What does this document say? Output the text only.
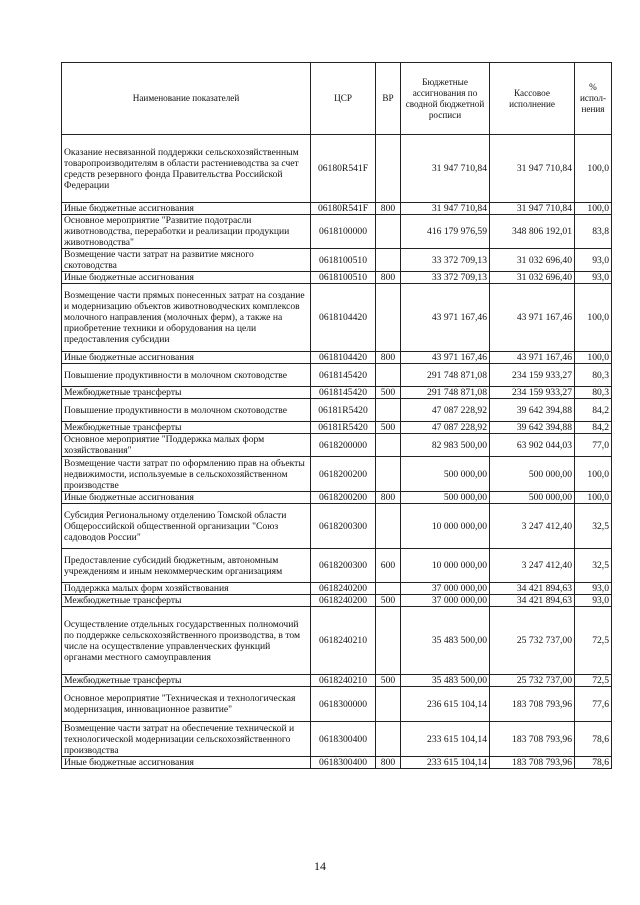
Наименование показателей	ЦСР	ВР	Бюджетные ассигнования по сводной бюджетной росписи	Кассовое исполнение	% испол-нения
Оказание несвязанной поддержки сельскохозяйственным товаропроизводителям в области растениеводства за счет средств резервного фонда Правительства Российской Федерации	06180R541F		31 947 710,84	31 947 710,84	100,0
Иные бюджетные ассигнования	06180R541F	800	31 947 710,84	31 947 710,84	100,0
Основное мероприятие "Развитие подотрасли животноводства, переработки и реализации продукции животноводства"	0618100000		416 179 976,59	348 806 192,01	83,8
Возмещение части затрат на развитие мясного скотоводства	0618100510		33 372 709,13	31 032 696,40	93,0
Иные бюджетные ассигнования	0618100510	800	33 372 709,13	31 032 696,40	93,0
Возмещение части прямых понесенных затрат на создание и модернизацию объектов животноводческих комплексов молочного направления (молочных ферм), а также на приобретение техники и оборудования на цели предоставления субсидии	0618104420		43 971 167,46	43 971 167,46	100,0
Иные бюджетные ассигнования	0618104420	800	43 971 167,46	43 971 167,46	100,0
Повышение продуктивности в молочном скотоводстве	0618145420		291 748 871,08	234 159 933,27	80,3
Межбюджетные трансферты	0618145420	500	291 748 871,08	234 159 933,27	80,3
Повышение продуктивности в молочном скотоводстве	06181R5420		47 087 228,92	39 642 394,88	84,2
Межбюджетные трансферты	06181R5420	500	47 087 228,92	39 642 394,88	84,2
Основное мероприятие "Поддержка малых форм хозяйствования"	0618200000		82 983 500,00	63 902 044,03	77,0
Возмещение части затрат по оформлению прав на объекты недвижимости, используемые в сельскохозяйственном производстве	0618200200		500 000,00	500 000,00	100,0
Иные бюджетные ассигнования	0618200200	800	500 000,00	500 000,00	100,0
Субсидия Региональному отделению Томской области Общероссийской общественной организации "Союз садоводов России"	0618200300		10 000 000,00	3 247 412,40	32,5
Предоставление субсидий бюджетным, автономным учреждениям и иным некоммерческим организациям	0618200300	600	10 000 000,00	3 247 412,40	32,5
Поддержка малых форм хозяйствования	0618240200		37 000 000,00	34 421 894,63	93,0
Межбюджетные трансферты	0618240200	500	37 000 000,00	34 421 894,63	93,0
Осуществление отдельных государственных полномочий по поддержке сельскохозяйственного производства, в том числе на осуществление управленческих функций органами местного самоуправления	0618240210		35 483 500,00	25 732 737,00	72,5
Межбюджетные трансферты	0618240210	500	35 483 500,00	25 732 737,00	72,5
Основное мероприятие "Техническая и технологическая модернизация, инновационное развитие"	0618300000		236 615 104,14	183 708 793,96	77,6
Возмещение части затрат на обеспечение технической и технологической модернизации сельскохозяйственного производства	0618300400		233 615 104,14	183 708 793,96	78,6
Иные бюджетные ассигнования	0618300400	800	233 615 104,14	183 708 793,96	78,6
14
